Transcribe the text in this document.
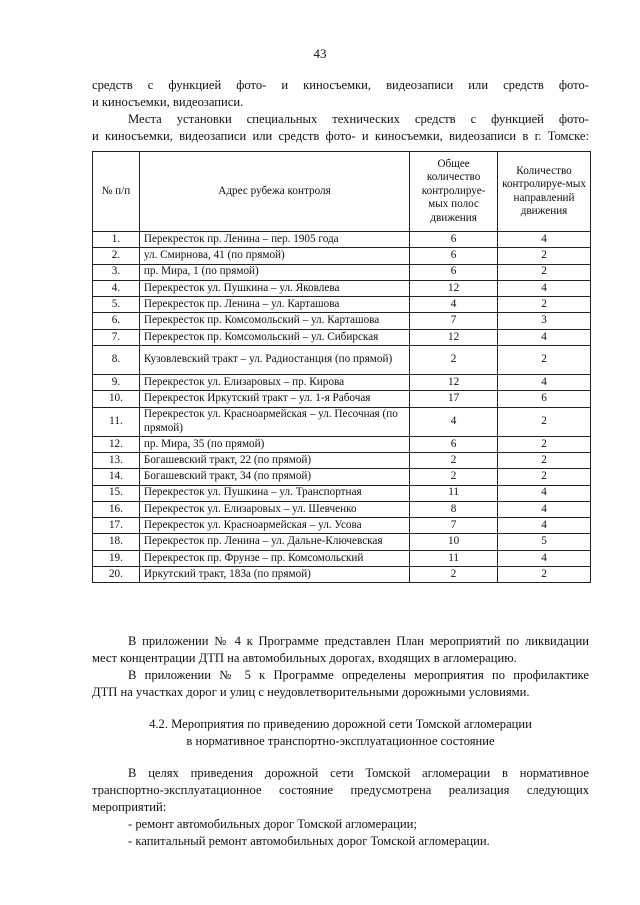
43
средств с функцией фото- и киносъемки, видеозаписи или средств фото-
и киносъемки, видеозаписи.
Места установки специальных технических средств с функцией фото-
и киносъемки, видеозаписи или средств фото- и киносъемки, видеозаписи в г. Томске:
№ п/п	Адрес рубежа контроля	Общее количество контролируе-мых полос движения	Количество контролируе-мых направлений движения
1.	Перекресток пр. Ленина – пер. 1905 года	6	4
2.	ул. Смирнова, 41 (по прямой)	6	2
3.	пр. Мира, 1 (по прямой)	6	2
4.	Перекресток ул. Пушкина – ул. Яковлева	12	4
5.	Перекресток пр. Ленина – ул. Карташова	4	2
6.	Перекресток пр. Комсомольский – ул. Карташова	7	3
7.	Перекресток пр. Комсомольский – ул. Сибирская	12	4
8.	Кузовлевский тракт – ул. Радиостанция (по прямой)	2	2
9.	Перекресток ул. Елизаровых – пр. Кирова	12	4
10.	Перекресток Иркутский тракт – ул. 1-я Рабочая	17	6
11.	Перекресток ул. Красноармейская – ул. Песочная (по прямой)	4	2
12.	пр. Мира, 35 (по прямой)	6	2
13.	Богашевский тракт, 22 (по прямой)	2	2
14.	Богашевский тракт, 34 (по прямой)	2	2
15.	Перекресток ул. Пушкина – ул. Транспортная	11	4
16.	Перекресток ул. Елизаровых – ул. Шевченко	8	4
17.	Перекресток ул. Красноармейская – ул. Усова	7	4
18.	Перекресток пр. Ленина – ул. Дальне-Ключевская	10	5
19.	Перекресток пр. Фрунзе – пр. Комсомольский	11	4
20.	Иркутский тракт, 183а (по прямой)	2	2
В приложении № 4 к Программе представлен План мероприятий по ликвидации
мест концентрации ДТП на автомобильных дорогах, входящих в агломерацию.
В приложении № 5 к Программе определены мероприятия по профилактике
ДТП на участках дорог и улиц с неудовлетворительными дорожными условиями.
4.2. Мероприятия по приведению дорожной сети Томской агломерации
в нормативное транспортно-эксплуатационное состояние
В целях приведения дорожной сети Томской агломерации в нормативное
транспортно-эксплуатационное состояние предусмотрена реализация следующих
мероприятий:
- ремонт автомобильных дорог Томской агломерации;
- капитальный ремонт автомобильных дорог Томской агломерации.
